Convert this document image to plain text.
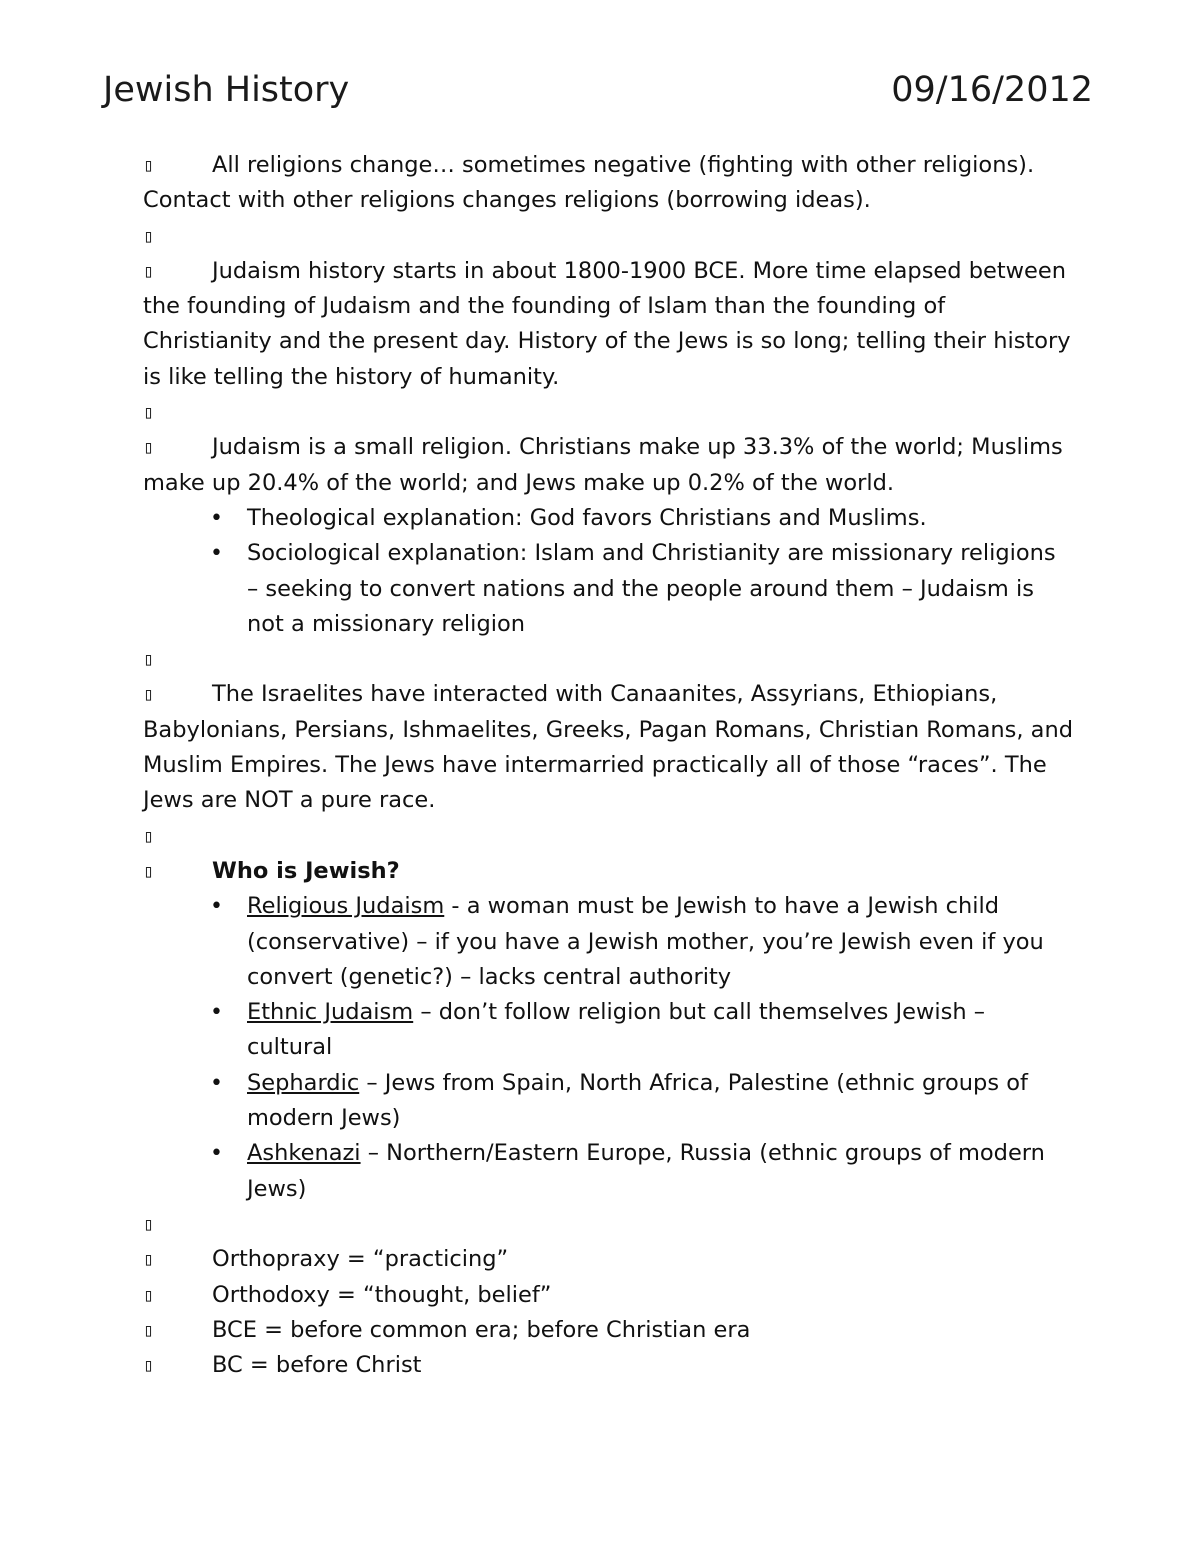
Jewish History	09/16/2012

▯	All religions change… sometimes negative (fighting with other religions). Contact with other religions changes religions (borrowing ideas).

▯

▯	Judaism history starts in about 1800-1900 BCE. More time elapsed between the founding of Judaism and the founding of Islam than the founding of Christianity and the present day. History of the Jews is so long; telling their history is like telling the history of humanity.

▯

▯	Judaism is a small religion. Christians make up 33.3% of the world; Muslims make up 20.4% of the world; and Jews make up 0.2% of the world.

• Theological explanation: God favors Christians and Muslims.
• Sociological explanation: Islam and Christianity are missionary religions – seeking to convert nations and the people around them – Judaism is not a missionary religion
▯

▯	The Israelites have interacted with Canaanites, Assyrians, Ethiopians, Babylonians, Persians, Ishmaelites, Greeks, Pagan Romans, Christian Romans, and Muslim Empires. The Jews have intermarried practically all of those “races”. The Jews are NOT a pure race.

▯

▯	Who is Jewish?

• Religious Judaism - a woman must be Jewish to have a Jewish child (conservative) – if you have a Jewish mother, you’re Jewish even if you convert (genetic?) – lacks central authority
• Ethnic Judaism – don’t follow religion but call themselves Jewish – cultural
• Sephardic – Jews from Spain, North Africa, Palestine (ethnic groups of modern Jews)
• Ashkenazi – Northern/Eastern Europe, Russia (ethnic groups of modern Jews)
▯

▯	Orthopraxy = “practicing”

▯	Orthodoxy = “thought, belief”

▯	BCE = before common era; before Christian era

▯	BC = before Christ
